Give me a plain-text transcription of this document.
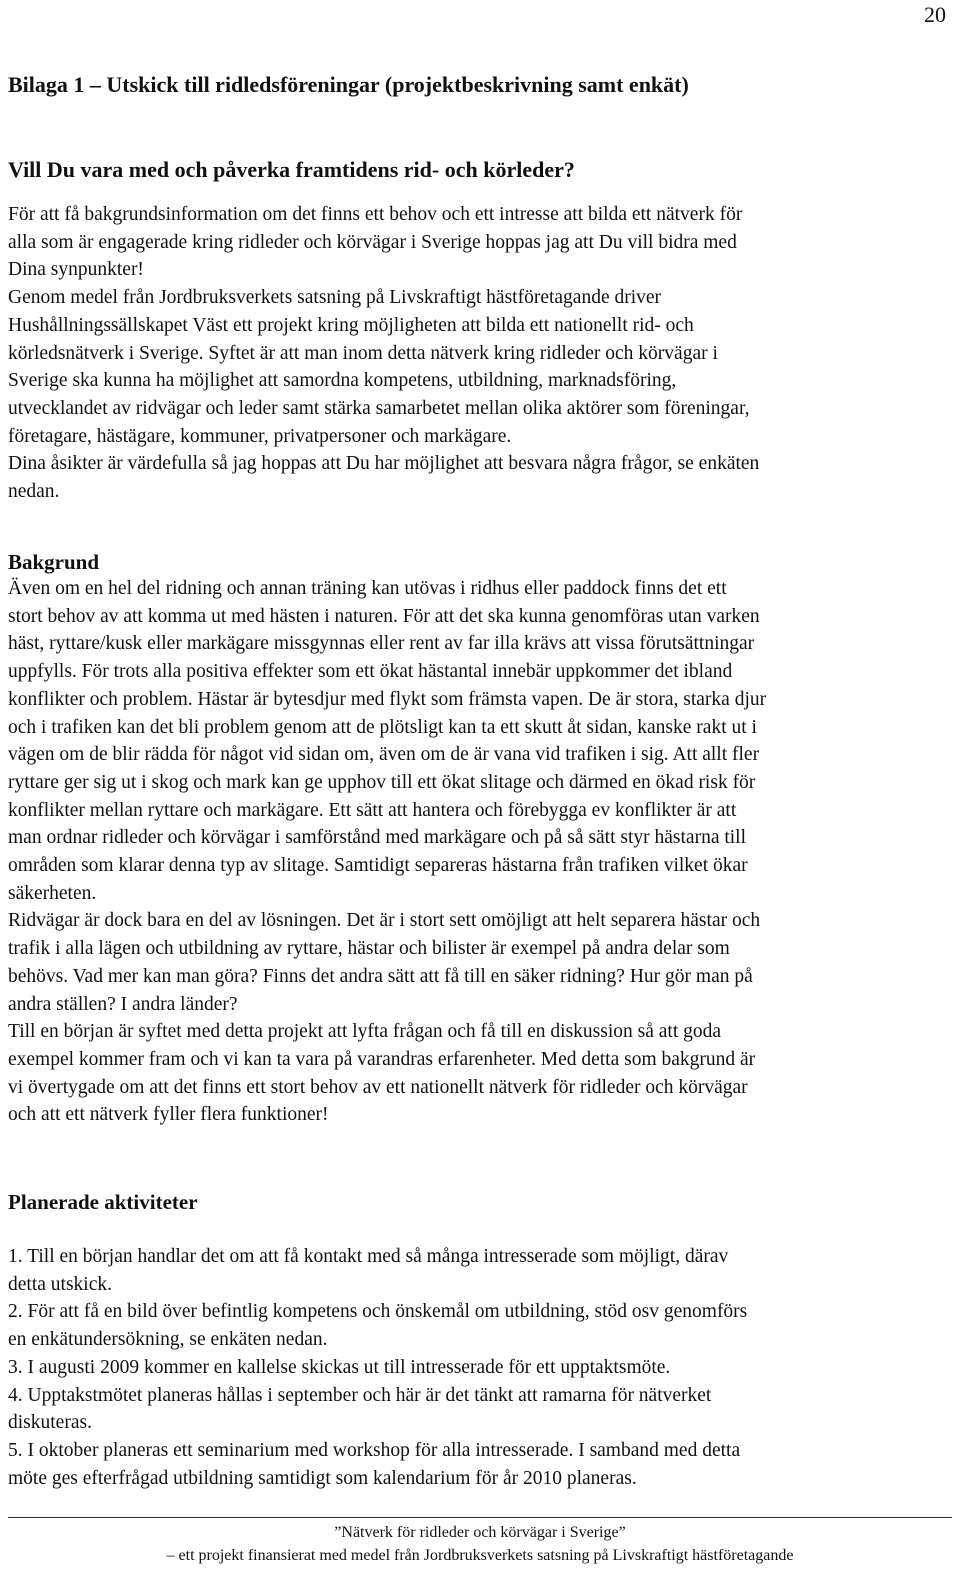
20
Bilaga 1 – Utskick till ridledsföreningar (projektbeskrivning samt enkät)
Vill Du vara med och påverka framtidens rid- och körleder?
För att få bakgrundsinformation om det finns ett behov och ett intresse att bilda ett nätverk för
alla som är engagerade kring ridleder och körvägar i Sverige hoppas jag att Du vill bidra med
Dina synpunkter!
Genom medel från Jordbruksverkets satsning på Livskraftigt hästföretagande driver
Hushållningssällskapet Väst ett projekt kring möjligheten att bilda ett nationellt rid- och
körledsnätverk i Sverige. Syftet är att man inom detta nätverk kring ridleder och körvägar i
Sverige ska kunna ha möjlighet att samordna kompetens, utbildning, marknadsföring,
utvecklandet av ridvägar och leder samt stärka samarbetet mellan olika aktörer som föreningar,
företagare, hästägare, kommuner, privatpersoner och markägare.
Dina åsikter är värdefulla så jag hoppas att Du har möjlighet att besvara några frågor, se enkäten
nedan.
Bakgrund
Även om en hel del ridning och annan träning kan utövas i ridhus eller paddock finns det ett
stort behov av att komma ut med hästen i naturen. För att det ska kunna genomföras utan varken
häst, ryttare/kusk eller markägare missgynnas eller rent av far illa krävs att vissa förutsättningar
uppfylls. För trots alla positiva effekter som ett ökat hästantal innebär uppkommer det ibland
konflikter och problem. Hästar är bytesdjur med flykt som främsta vapen. De är stora, starka djur
och i trafiken kan det bli problem genom att de plötsligt kan ta ett skutt åt sidan, kanske rakt ut i
vägen om de blir rädda för något vid sidan om, även om de är vana vid trafiken i sig. Att allt fler
ryttare ger sig ut i skog och mark kan ge upphov till ett ökat slitage och därmed en ökad risk för
konflikter mellan ryttare och markägare. Ett sätt att hantera och förebygga ev konflikter är att
man ordnar ridleder och körvägar i samförstånd med markägare och på så sätt styr hästarna till
områden som klarar denna typ av slitage. Samtidigt separeras hästarna från trafiken vilket ökar
säkerheten.
Ridvägar är dock bara en del av lösningen. Det är i stort sett omöjligt att helt separera hästar och
trafik i alla lägen och utbildning av ryttare, hästar och bilister är exempel på andra delar som
behövs. Vad mer kan man göra? Finns det andra sätt att få till en säker ridning? Hur gör man på
andra ställen? I andra länder?
Till en början är syftet med detta projekt att lyfta frågan och få till en diskussion så att goda
exempel kommer fram och vi kan ta vara på varandras erfarenheter. Med detta som bakgrund är
vi övertygade om att det finns ett stort behov av ett nationellt nätverk för ridleder och körvägar
och att ett nätverk fyller flera funktioner!
Planerade aktiviteter
1. Till en början handlar det om att få kontakt med så många intresserade som möjligt, därav
detta utskick.
2. För att få en bild över befintlig kompetens och önskemål om utbildning, stöd osv genomförs
en enkätundersökning, se enkäten nedan.
3. I augusti 2009 kommer en kallelse skickas ut till intresserade för ett upptaktsmöte.
4. Upptakstmötet planeras hållas i september och här är det tänkt att ramarna för nätverket
diskuteras.
5. I oktober planeras ett seminarium med workshop för alla intresserade. I samband med detta
möte ges efterfrågad utbildning samtidigt som kalendarium för år 2010 planeras.
”Nätverk för ridleder och körvägar i Sverige”
– ett projekt finansierat med medel från Jordbruksverkets satsning på Livskraftigt hästföretagande
